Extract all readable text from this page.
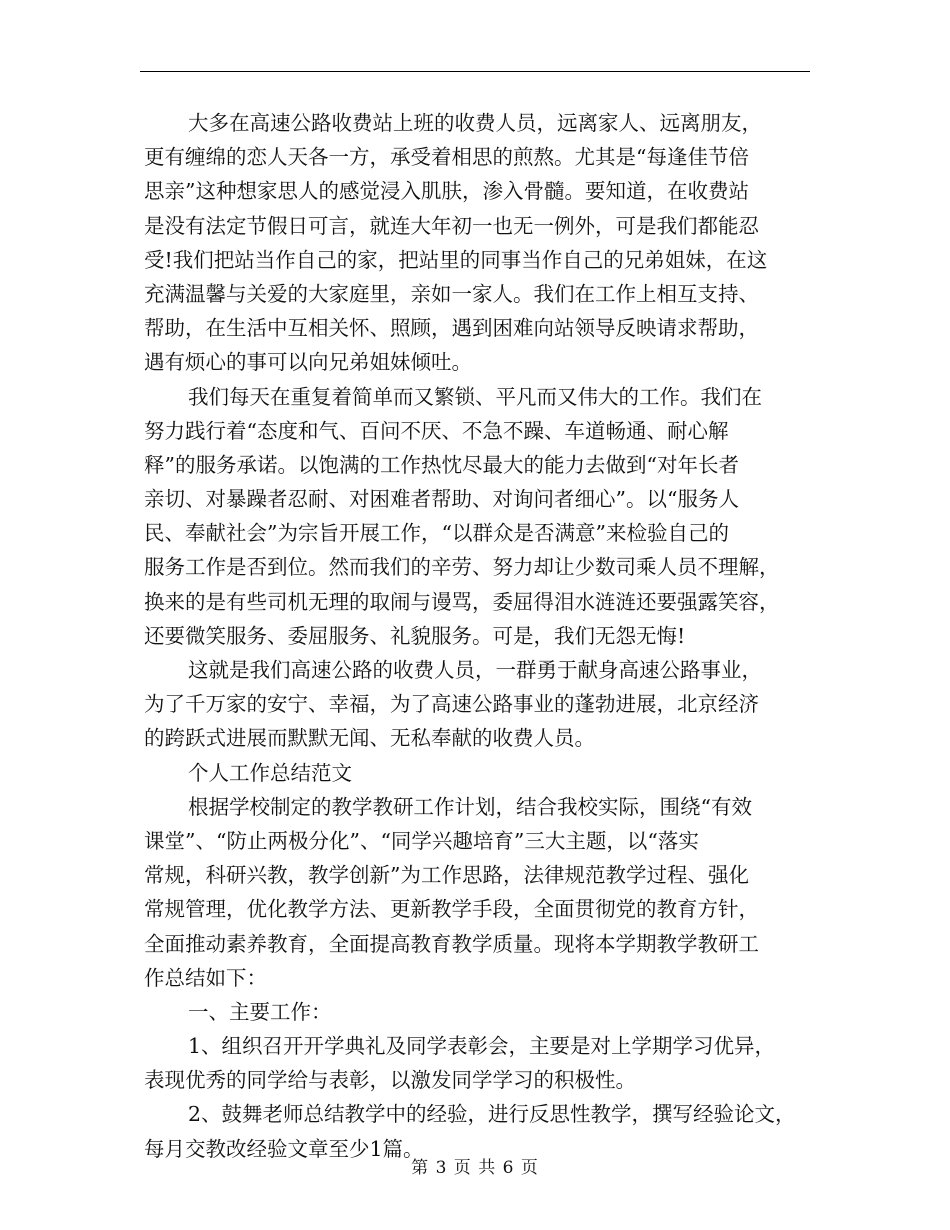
大多在高速公路收费站上班的收费人员，远离家人、远离朋友，
更有缠绵的恋人天各一方，承受着相思的煎熬。尤其是“每逢佳节倍
思亲”这种想家思人的感觉浸入肌肤，渗入骨髓。要知道，在收费站
是没有法定节假日可言，就连大年初一也无一例外，可是我们都能忍
受!我们把站当作自己的家，把站里的同事当作自己的兄弟姐妹，在这
充满温馨与关爱的大家庭里，亲如一家人。我们在工作上相互支持、
帮助，在生活中互相关怀、照顾，遇到困难向站领导反映请求帮助，
遇有烦心的事可以向兄弟姐妹倾吐。
我们每天在重复着简单而又繁锁、平凡而又伟大的工作。我们在
努力践行着“态度和气、百问不厌、不急不躁、车道畅通、耐心解
释”的服务承诺。以饱满的工作热忱尽最大的能力去做到“对年长者
亲切、对暴躁者忍耐、对困难者帮助、对询问者细心”。以“服务人
民、奉献社会”为宗旨开展工作，“以群众是否满意”来检验自己的
服务工作是否到位。然而我们的辛劳、努力却让少数司乘人员不理解，
换来的是有些司机无理的取闹与谩骂，委屈得泪水涟涟还要强露笑容，
还要微笑服务、委屈服务、礼貌服务。可是，我们无怨无悔!
这就是我们高速公路的收费人员，一群勇于献身高速公路事业，
为了千万家的安宁、幸福，为了高速公路事业的蓬勃进展，北京经济
的跨跃式进展而默默无闻、无私奉献的收费人员。
个人工作总结范文
根据学校制定的教学教研工作计划，结合我校实际，围绕“有效
课堂”、“防止两极分化”、“同学兴趣培育”三大主题，以“落实
常规，科研兴教，教学创新”为工作思路，法律规范教学过程、强化
常规管理，优化教学方法、更新教学手段，全面贯彻党的教育方针，
全面推动素养教育，全面提高教育教学质量。现将本学期教学教研工
作总结如下：
一、主要工作：
1、组织召开开学典礼及同学表彰会，主要是对上学期学习优异，
表现优秀的同学给与表彰，以激发同学学习的积极性。
2、鼓舞老师总结教学中的经验，进行反思性教学，撰写经验论文，
每月交教改经验文章至少1篇。
第 3 页 共 6 页
